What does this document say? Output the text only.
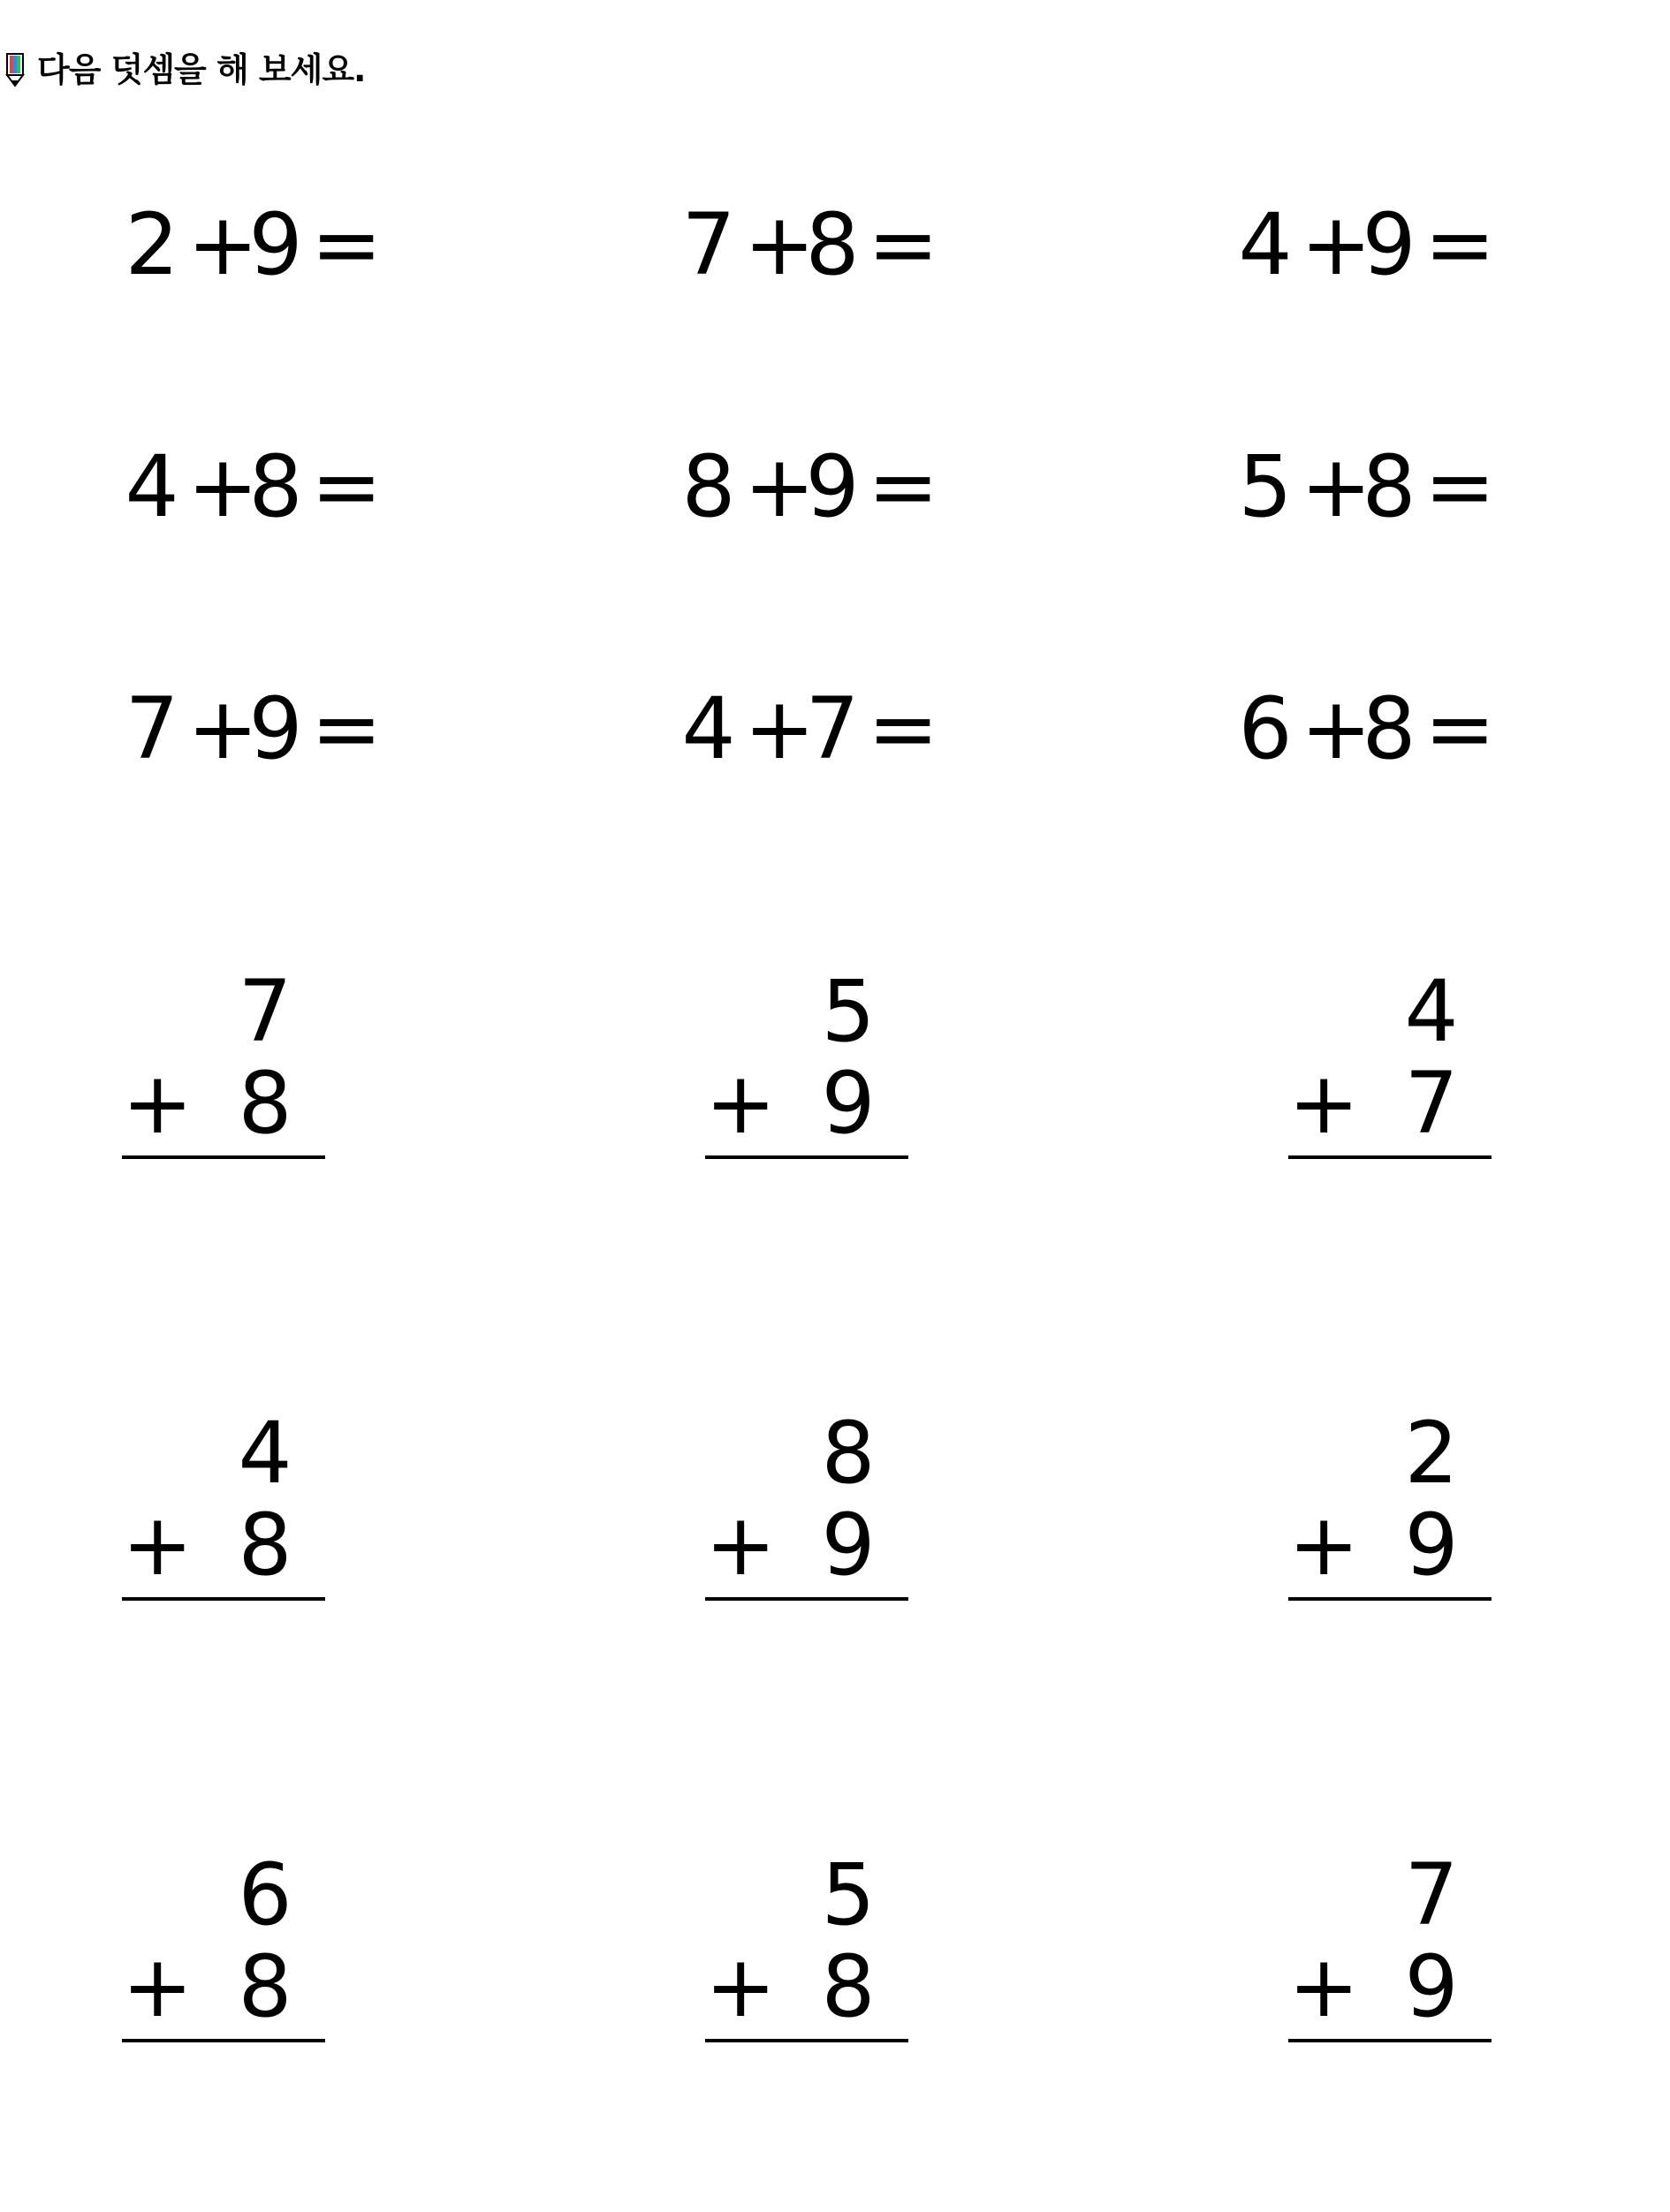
다음 덧셈을 해 보세요.
2+9=	7+8=	4+9=
4+8=	8+9=	5+8=
7+9=	4+7=	6+8=
7
+ 8
5
+ 9
4
+ 7
4
+ 8
8
+ 9
2
+ 9
6
+ 8
5
+ 8
7
+ 9
